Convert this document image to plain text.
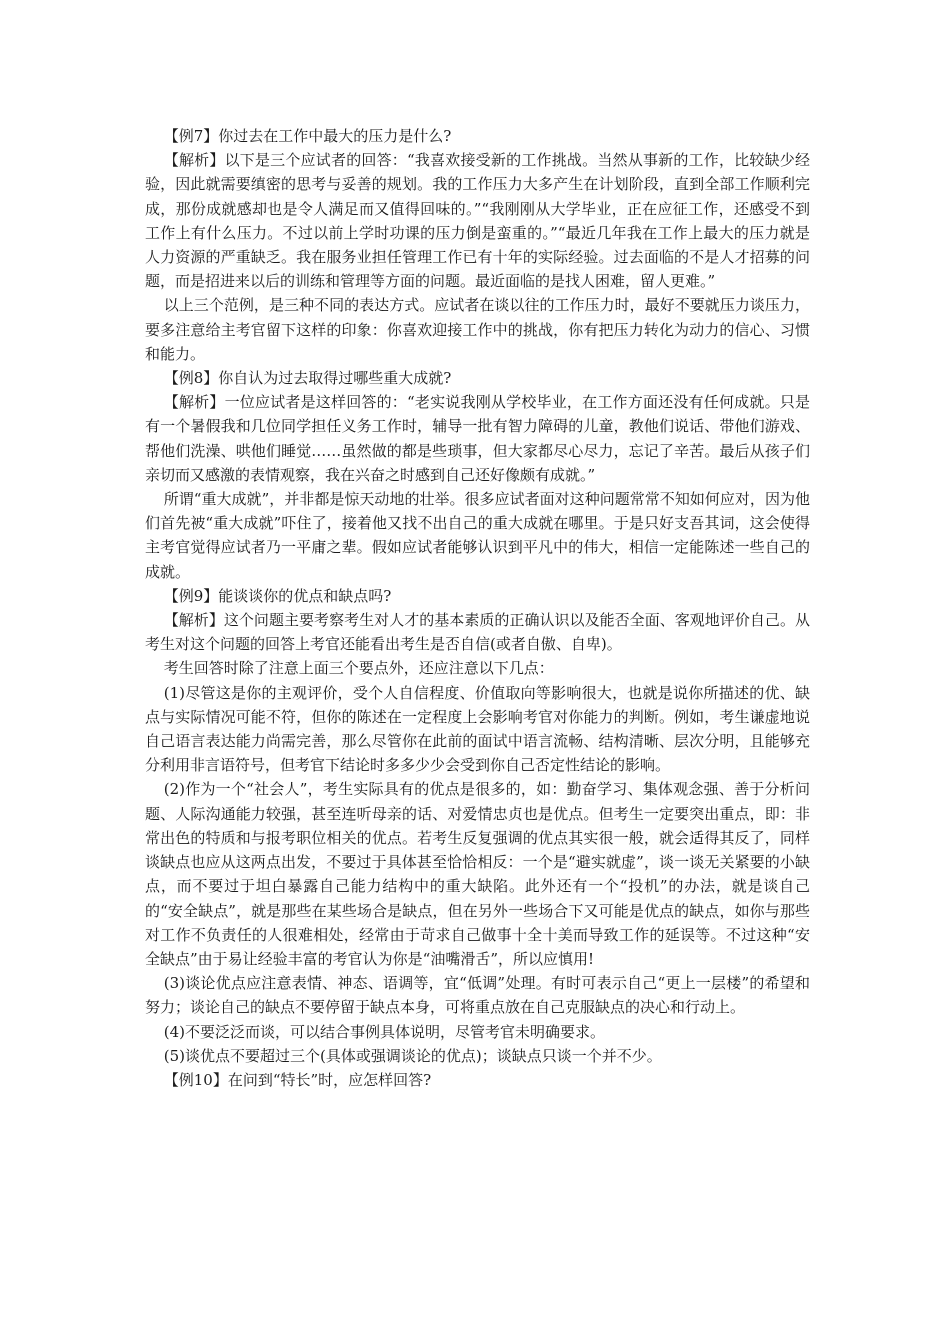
【例7】你过去在工作中最大的压力是什么?

【解析】以下是三个应试者的回答：“我喜欢接受新的工作挑战。当然从事新的工作，比较缺少经验，因此就需要缜密的思考与妥善的规划。我的工作压力大多产生在计划阶段，直到全部工作顺利完成，那份成就感却也是令人满足而又值得回味的。”“我刚刚从大学毕业，正在应征工作，还感受不到工作上有什么压力。不过以前上学时功课的压力倒是蛮重的。”“最近几年我在工作上最大的压力就是人力资源的严重缺乏。我在服务业担任管理工作已有十年的实际经验。过去面临的不是人才招募的问题，而是招进来以后的训练和管理等方面的问题。最近面临的是找人困难，留人更难。”

以上三个范例，是三种不同的表达方式。应试者在谈以往的工作压力时，最好不要就压力谈压力，要多注意给主考官留下这样的印象：你喜欢迎接工作中的挑战，你有把压力转化为动力的信心、习惯和能力。

【例8】你自认为过去取得过哪些重大成就?

【解析】一位应试者是这样回答的：“老实说我刚从学校毕业，在工作方面还没有任何成就。只是有一个暑假我和几位同学担任义务工作时，辅导一批有智力障碍的儿童，教他们说话、带他们游戏、帮他们洗澡、哄他们睡觉……虽然做的都是些琐事，但大家都尽心尽力，忘记了辛苦。最后从孩子们亲切而又感激的表情观察，我在兴奋之时感到自己还好像颇有成就。”

所谓“重大成就”，并非都是惊天动地的壮举。很多应试者面对这种问题常常不知如何应对，因为他们首先被“重大成就”吓住了，接着他又找不出自己的重大成就在哪里。于是只好支吾其词，这会使得主考官觉得应试者乃一平庸之辈。假如应试者能够认识到平凡中的伟大，相信一定能陈述一些自己的成就。

【例9】能谈谈你的优点和缺点吗?

【解析】这个问题主要考察考生对人才的基本素质的正确认识以及能否全面、客观地评价自己。从考生对这个问题的回答上考官还能看出考生是否自信(或者自傲、自卑)。

考生回答时除了注意上面三个要点外，还应注意以下几点：

(1)尽管这是你的主观评价，受个人自信程度、价值取向等影响很大，也就是说你所描述的优、缺点与实际情况可能不符，但你的陈述在一定程度上会影响考官对你能力的判断。例如，考生谦虚地说自己语言表达能力尚需完善，那么尽管你在此前的面试中语言流畅、结构清晰、层次分明，且能够充分利用非言语符号，但考官下结论时多多少少会受到你自己否定性结论的影响。

(2)作为一个“社会人”，考生实际具有的优点是很多的，如：勤奋学习、集体观念强、善于分析问题、人际沟通能力较强，甚至连听母亲的话、对爱情忠贞也是优点。但考生一定要突出重点，即：非常出色的特质和与报考职位相关的优点。若考生反复强调的优点其实很一般，就会适得其反了，同样谈缺点也应从这两点出发，不要过于具体甚至恰恰相反：一个是“避实就虚”，谈一谈无关紧要的小缺点，而不要过于坦白暴露自己能力结构中的重大缺陷。此外还有一个“投机”的办法，就是谈自己的“安全缺点”，就是那些在某些场合是缺点，但在另外一些场合下又可能是优点的缺点，如你与那些对工作不负责任的人很难相处，经常由于苛求自己做事十全十美而导致工作的延误等。不过这种“安全缺点”由于易让经验丰富的考官认为你是“油嘴滑舌”，所以应慎用!

(3)谈论优点应注意表情、神态、语调等，宜“低调”处理。有时可表示自己“更上一层楼”的希望和努力；谈论自己的缺点不要停留于缺点本身，可将重点放在自己克服缺点的决心和行动上。

(4)不要泛泛而谈，可以结合事例具体说明，尽管考官未明确要求。

(5)谈优点不要超过三个(具体或强调谈论的优点)；谈缺点只谈一个并不少。

【例10】在问到“特长”时，应怎样回答?
